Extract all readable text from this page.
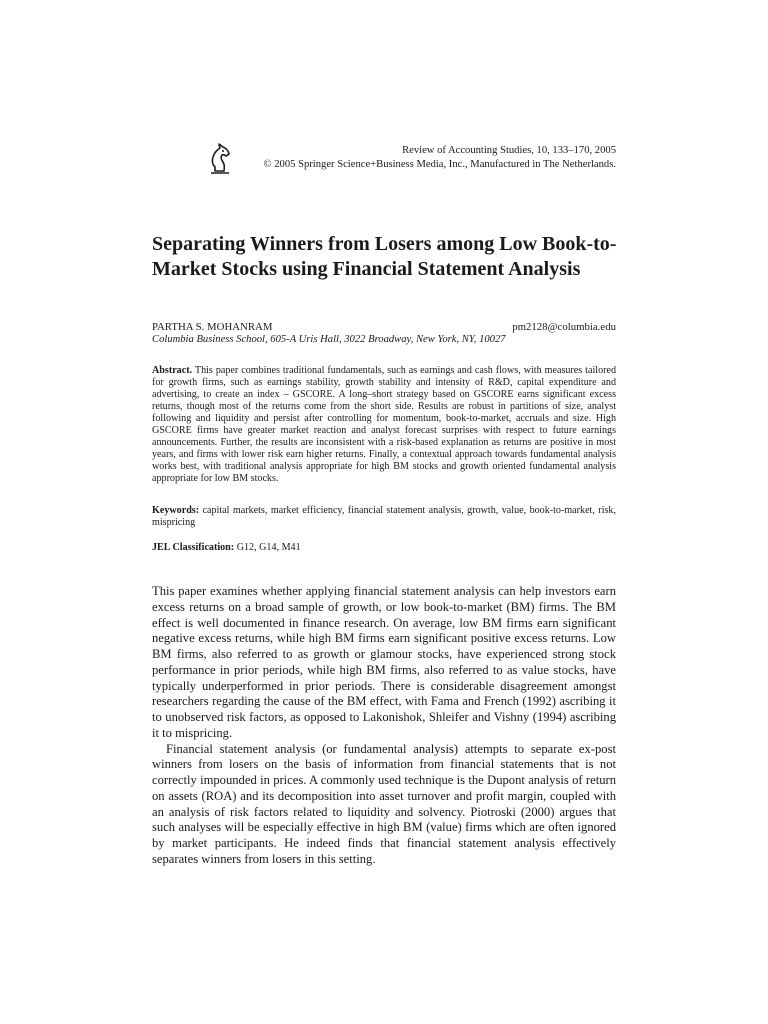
Review of Accounting Studies, 10, 133–170, 2005
© 2005 Springer Science+Business Media, Inc., Manufactured in The Netherlands.
Separating Winners from Losers among Low Book-to-Market Stocks using Financial Statement Analysis
PARTHA S. MOHANRAM	pm2128@columbia.edu
Columbia Business School, 605-A Uris Hall, 3022 Broadway, New York, NY, 10027

Abstract. This paper combines traditional fundamentals, such as earnings and cash flows, with measures tailored for growth firms, such as earnings stability, growth stability and intensity of R&D, capital expenditure and advertising, to create an index – GSCORE. A long–short strategy based on GSCORE earns significant excess returns, though most of the returns come from the short side. Results are robust in partitions of size, analyst following and liquidity and persist after controlling for momentum, book-to-market, accruals and size. High GSCORE firms have greater market reaction and analyst forecast surprises with respect to future earnings announcements. Further, the results are inconsistent with a risk-based explanation as returns are positive in most years, and firms with lower risk earn higher returns. Finally, a contextual approach towards fundamental analysis works best, with traditional analysis appropriate for high BM stocks and growth oriented fundamental analysis appropriate for low BM stocks.

Keywords: capital markets, market efficiency, financial statement analysis, growth, value, book-to-market, risk, mispricing

JEL Classification: G12, G14, M41

This paper examines whether applying financial statement analysis can help investors earn excess returns on a broad sample of growth, or low book-to-market (BM) firms. The BM effect is well documented in finance research. On average, low BM firms earn significant negative excess returns, while high BM firms earn significant positive excess returns. Low BM firms, also referred to as growth or glamour stocks, have experienced strong stock performance in prior periods, while high BM firms, also referred to as value stocks, have typically underperformed in prior periods. There is considerable disagreement amongst researchers regarding the cause of the BM effect, with Fama and French (1992) ascribing it to unobserved risk factors, as opposed to Lakonishok, Shleifer and Vishny (1994) ascribing it to mispricing.

Financial statement analysis (or fundamental analysis) attempts to separate ex-post winners from losers on the basis of information from financial statements that is not correctly impounded in prices. A commonly used technique is the Dupont analysis of return on assets (ROA) and its decomposition into asset turnover and profit margin, coupled with an analysis of risk factors related to liquidity and solvency. Piotroski (2000) argues that such analyses will be especially effective in high BM (value) firms which are often ignored by market participants. He indeed finds that financial statement analysis effectively separates winners from losers in this setting.
